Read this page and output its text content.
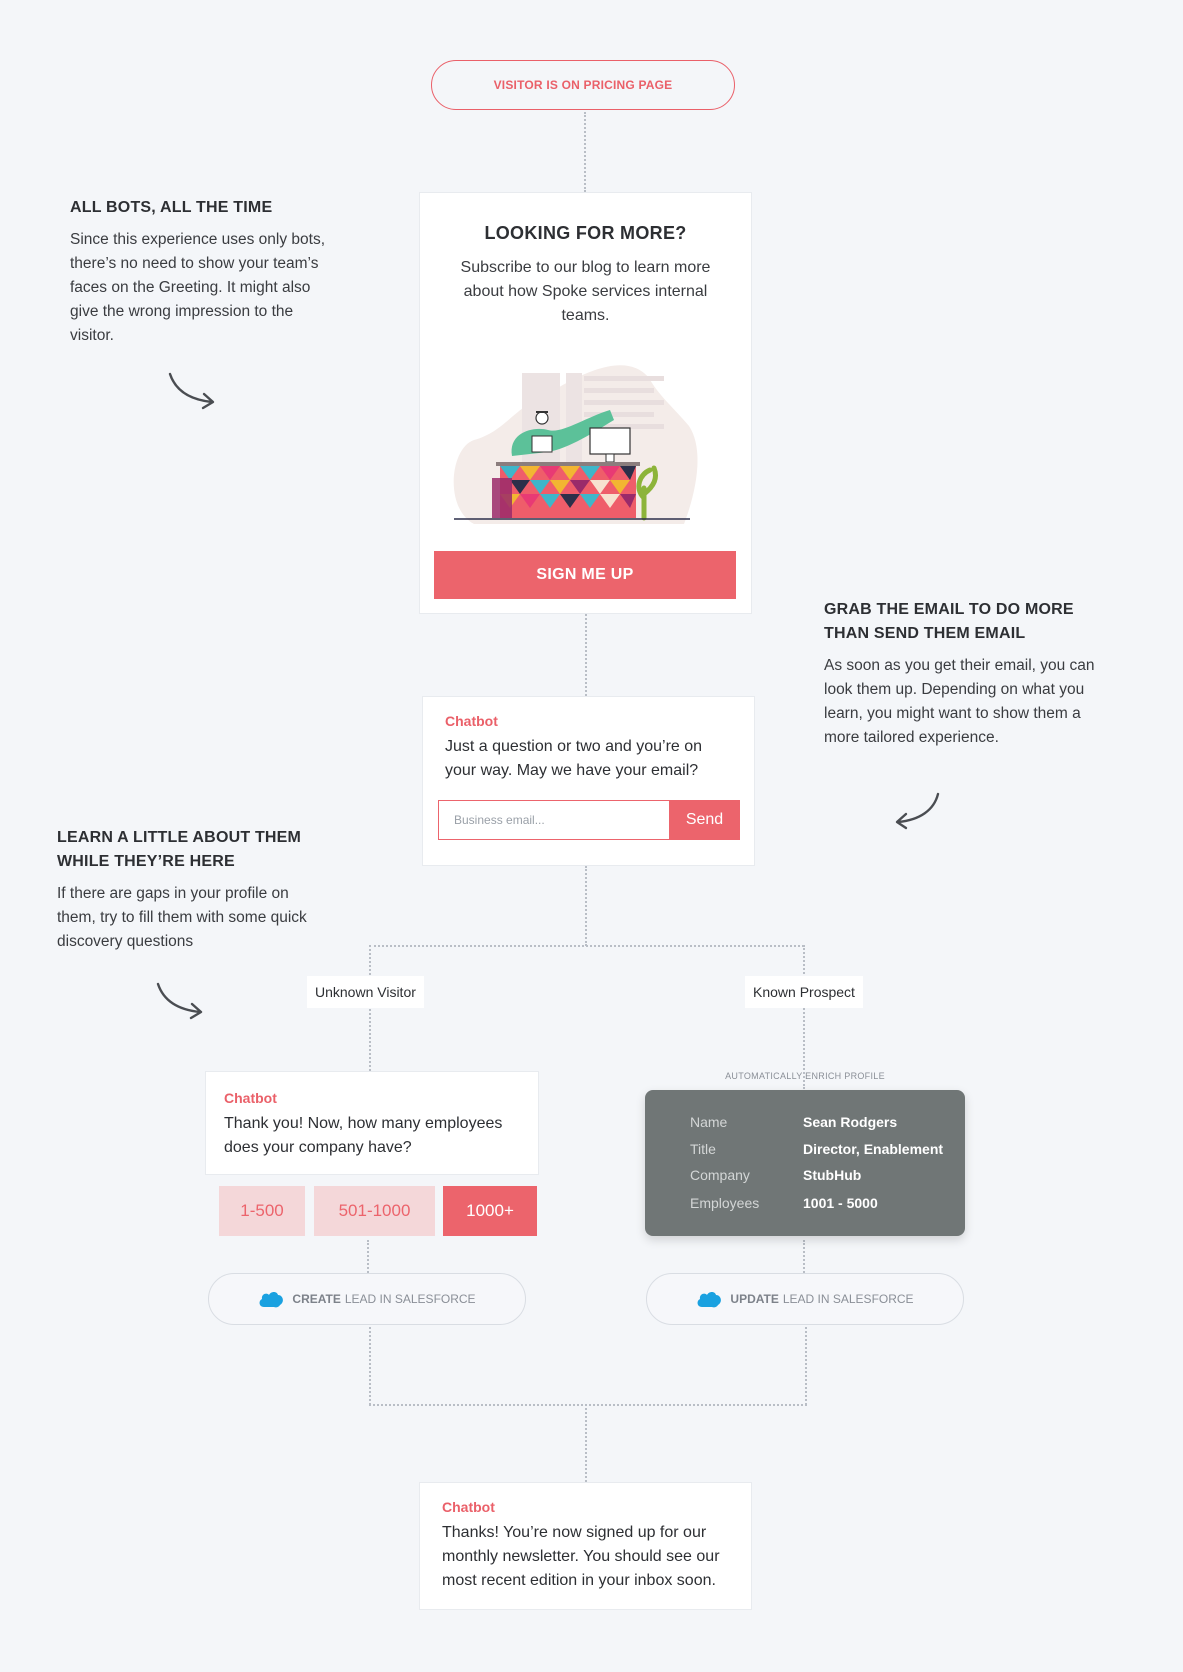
VISITOR IS ON PRICING PAGE
ALL BOTS, ALL THE TIME
Since this experience uses only bots, there’s no need to show your team’s faces on the Greeting. It might also give the wrong impression to the visitor.
LOOKING FOR MORE?
Subscribe to our blog to learn more about how Spoke services internal teams.
SIGN ME UP
GRAB THE EMAIL TO DO MORE THAN SEND THEM EMAIL
As soon as you get their email, you can look them up. Depending on what you learn, you might want to show them a more tailored experience.
Chatbot
Just a question or two and you’re on your way. May we have your email?
Business email...	Send
LEARN A LITTLE ABOUT THEM WHILE THEY’RE HERE
If there are gaps in your profile on them, try to fill them with some quick discovery questions
Unknown Visitor	Known Prospect
Chatbot
Thank you! Now, how many employees does your company have?
1-500	501-1000	1000+
AUTOMATICALLY ENRICH PROFILE
Name	Sean Rodgers
Title	Director, Enablement
Company	StubHub
Employees	1001 - 5000
CREATE LEAD IN SALESFORCE	UPDATE LEAD IN SALESFORCE
Chatbot
Thanks! You’re now signed up for our monthly newsletter. You should see our most recent edition in your inbox soon.
